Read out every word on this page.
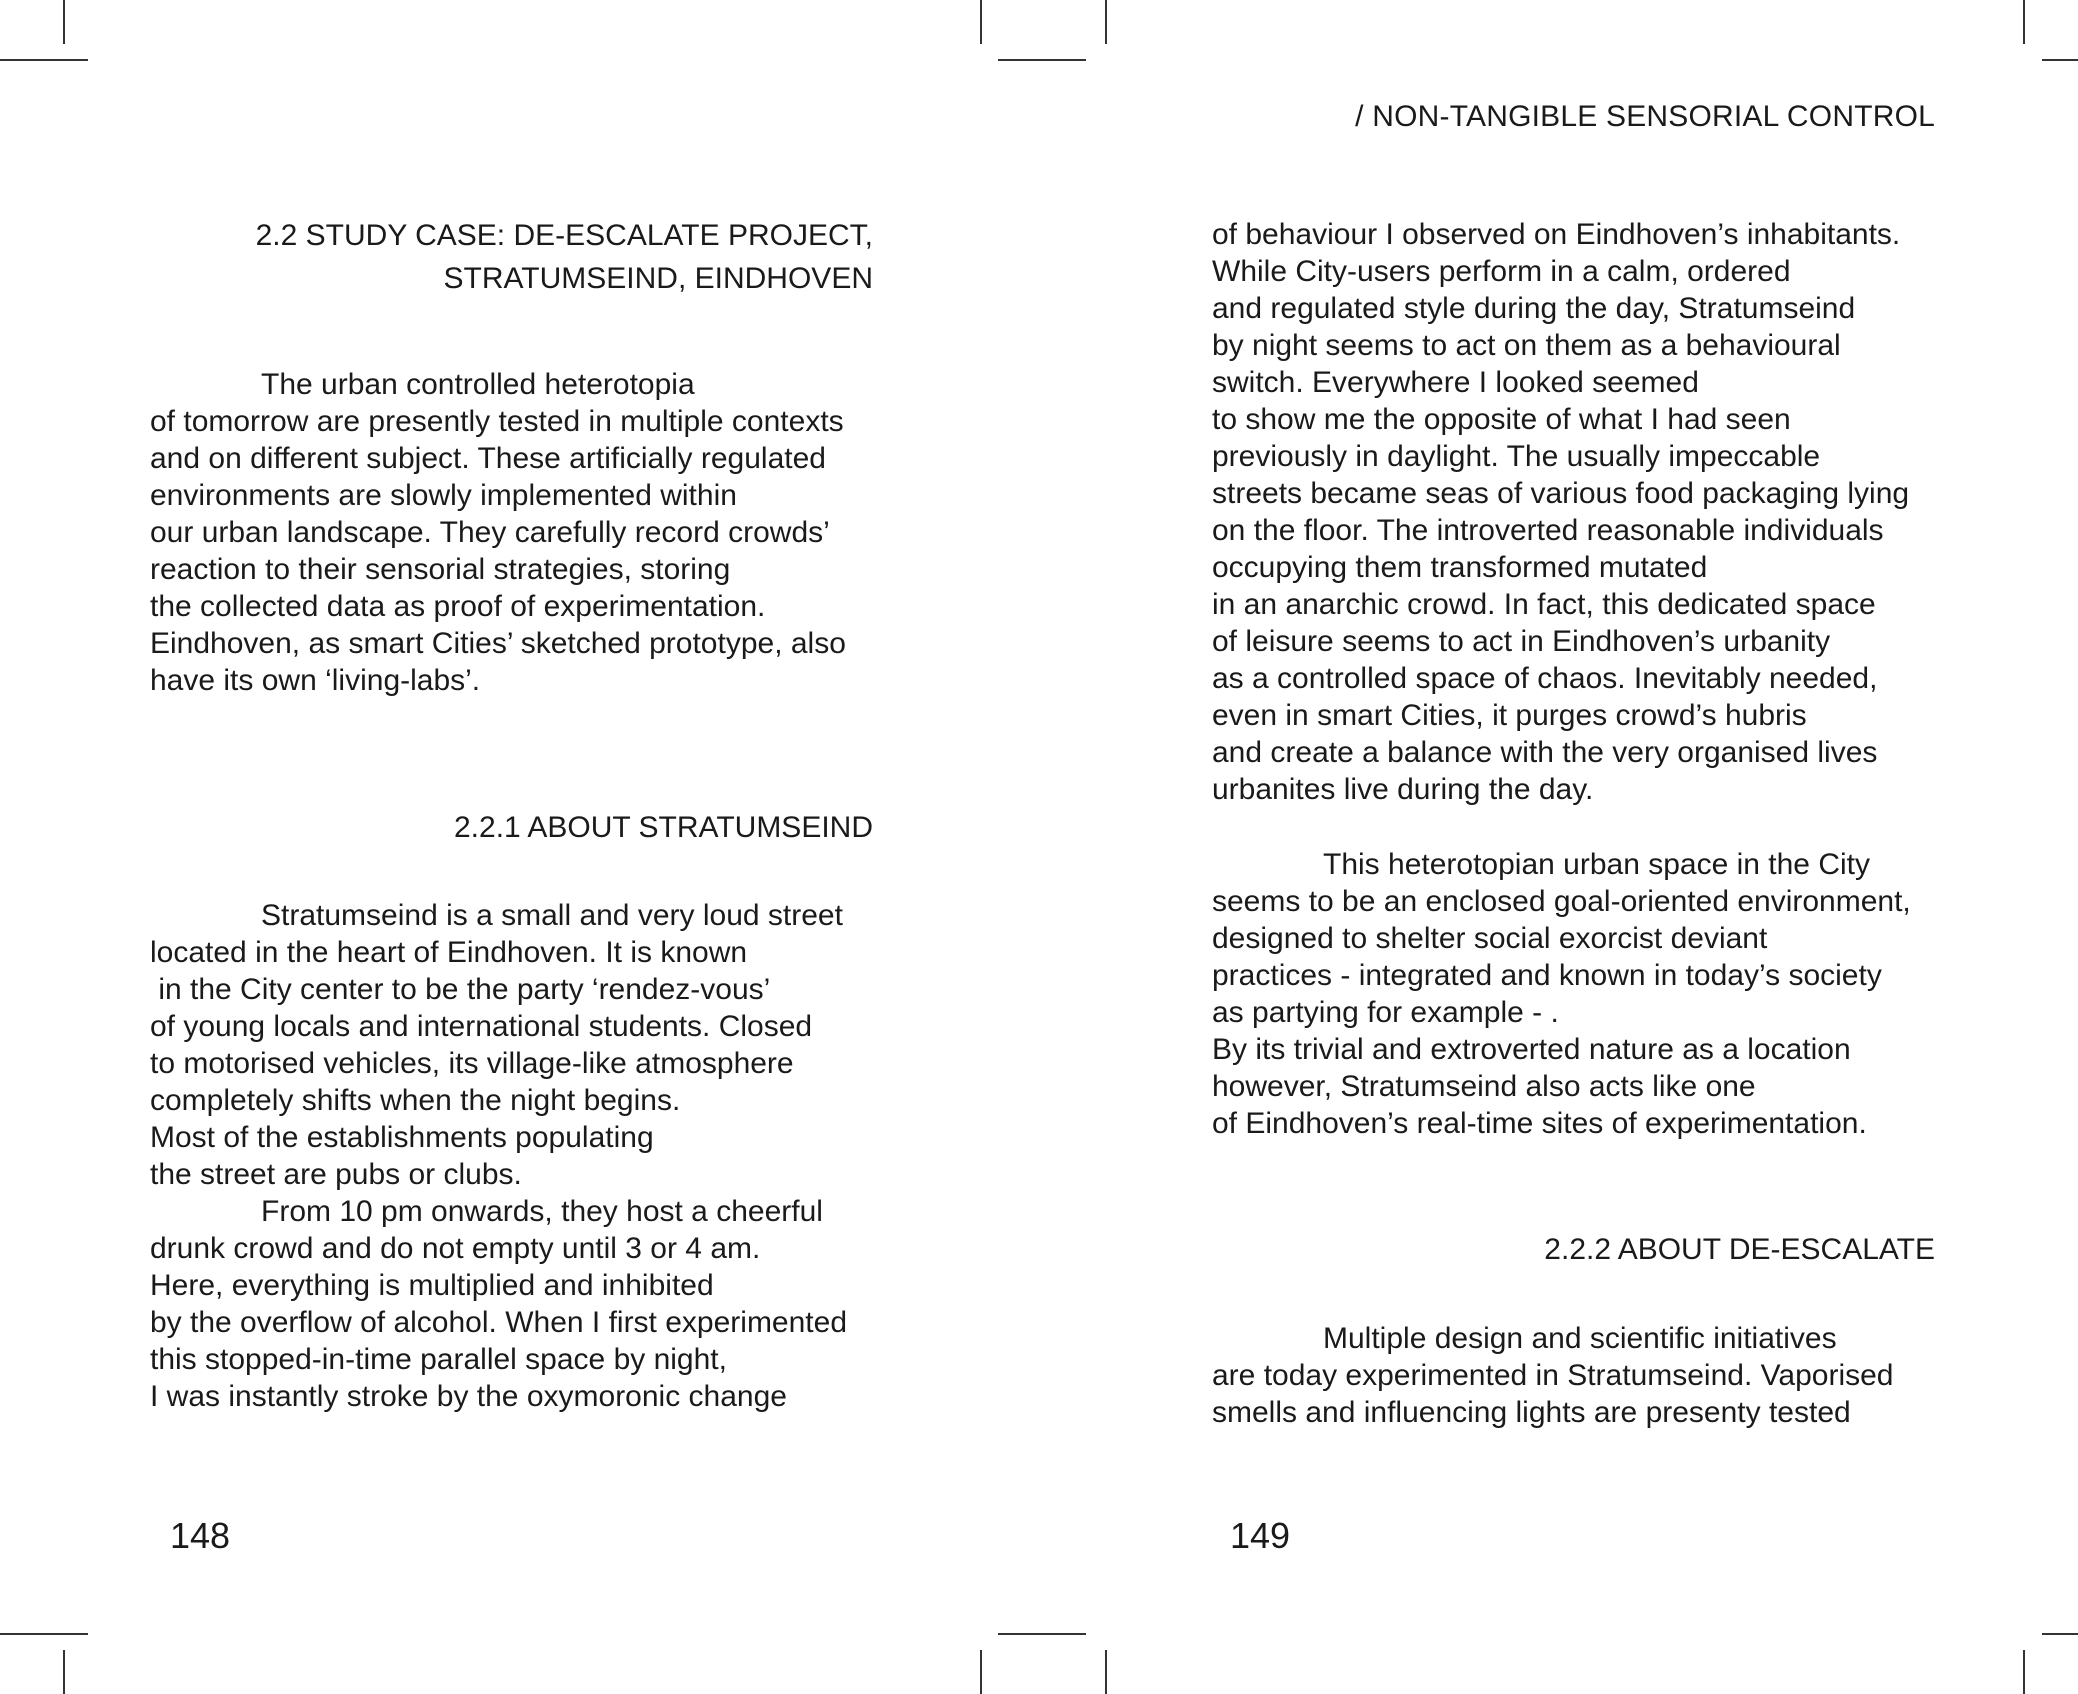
/ NON-TANGIBLE SENSORIAL CONTROL
2.2 STUDY CASE: DE-ESCALATE PROJECT,
STRATUMSEIND, EINDHOVEN
The urban controlled heterotopia
of tomorrow are presently tested in multiple contexts
and on different subject. These artificially regulated
environments are slowly implemented within
our urban landscape. They carefully record crowds’
reaction to their sensorial strategies, storing
the collected data as proof of experimentation.
Eindhoven, as smart Cities’ sketched prototype, also
have its own ‘living-labs’.
2.2.1 ABOUT STRATUMSEIND
Stratumseind is a small and very loud street
located in the heart of Eindhoven. It is known
in the City center to be the party ‘rendez-vous’
of young locals and international students. Closed
to motorised vehicles, its village-like atmosphere
completely shifts when the night begins.
Most of the establishments populating
the street are pubs or clubs.
From 10 pm onwards, they host a cheerful
drunk crowd and do not empty until 3 or 4 am.
Here, everything is multiplied and inhibited
by the overflow of alcohol. When I first experimented
this stopped-in-time parallel space by night,
I was instantly stroke by the oxymoronic change
148
of behaviour I observed on Eindhoven’s inhabitants.
While City-users perform in a calm, ordered
and regulated style during the day, Stratumseind
by night seems to act on them as a behavioural
switch. Everywhere I looked seemed
to show me the opposite of what I had seen
previously in daylight. The usually impeccable
streets became seas of various food packaging lying
on the floor. The introverted reasonable individuals
occupying them transformed mutated
in an anarchic crowd. In fact, this dedicated space
of leisure seems to act in Eindhoven’s urbanity
as a controlled space of chaos. Inevitably needed,
even in smart Cities, it purges crowd’s hubris
and create a balance with the very organised lives
urbanites live during the day.
This heterotopian urban space in the City
seems to be an enclosed goal-oriented environment,
designed to shelter social exorcist deviant
practices - integrated and known in today’s society
as partying for example - .
By its trivial and extroverted nature as a location
however, Stratumseind also acts like one
of Eindhoven’s real-time sites of experimentation.
2.2.2 ABOUT DE-ESCALATE
Multiple design and scientific initiatives
are today experimented in Stratumseind. Vaporised
smells and influencing lights are presenty tested
149
